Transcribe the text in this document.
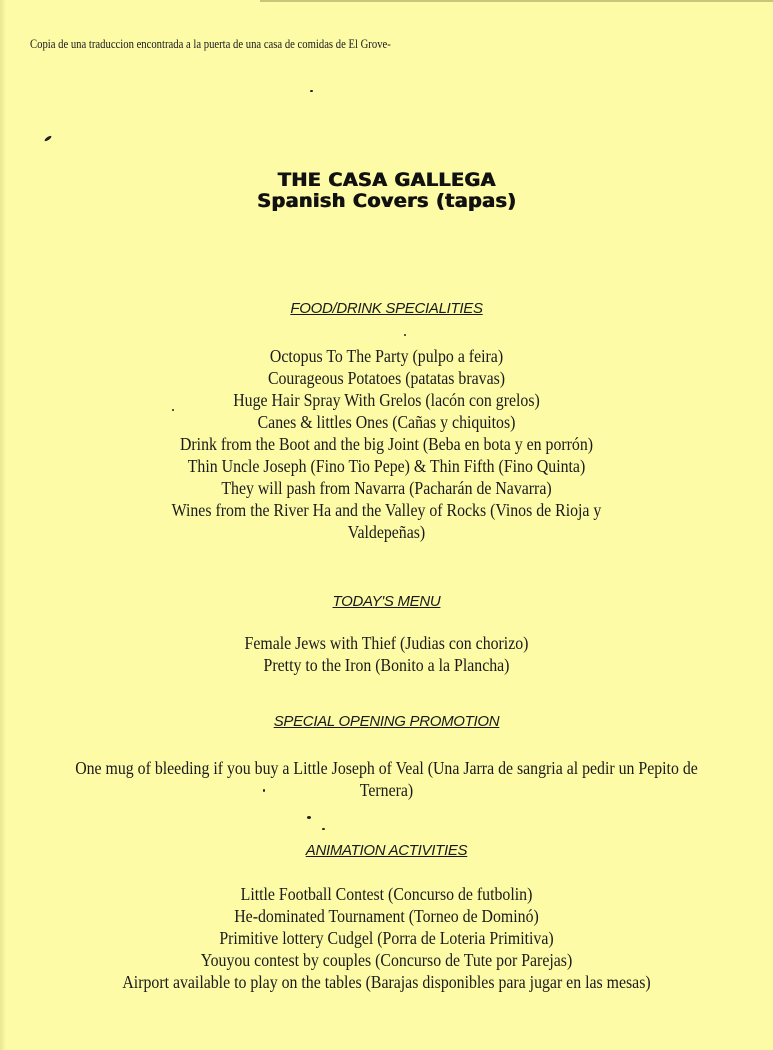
Copia de una traduccion encontrada a la puerta de una casa de comidas de El Grove-
THE CASA GALLEGA
Spanish Covers (tapas)
FOOD/DRINK SPECIALITIES
Octopus To The Party (pulpo a feira)
Courageous Potatoes (patatas bravas)
Huge Hair Spray With Grelos (lacón con grelos)
Canes & littles Ones (Cañas y chiquitos)
Drink from the Boot and the big Joint (Beba en bota y en porrón)
Thin Uncle Joseph (Fino Tio Pepe) & Thin Fifth (Fino Quinta)
They will pash from Navarra (Pacharán de Navarra)
Wines from the River Ha and the Valley of Rocks (Vinos de Rioja y
Valdepeñas)
TODAY'S MENU
Female Jews with Thief (Judias con chorizo)
Pretty to the Iron (Bonito a la Plancha)
SPECIAL OPENING PROMOTION
One mug of bleeding if you buy a Little Joseph of Veal (Una Jarra de sangria al pedir un Pepito de
Ternera)
ANIMATION ACTIVITIES
Little Football Contest (Concurso de futbolin)
He-dominated Tournament (Torneo de Dominó)
Primitive lottery Cudgel (Porra de Loteria Primitiva)
Youyou contest by couples (Concurso de Tute por Parejas)
Airport available to play on the tables (Barajas disponibles para jugar en las mesas)
